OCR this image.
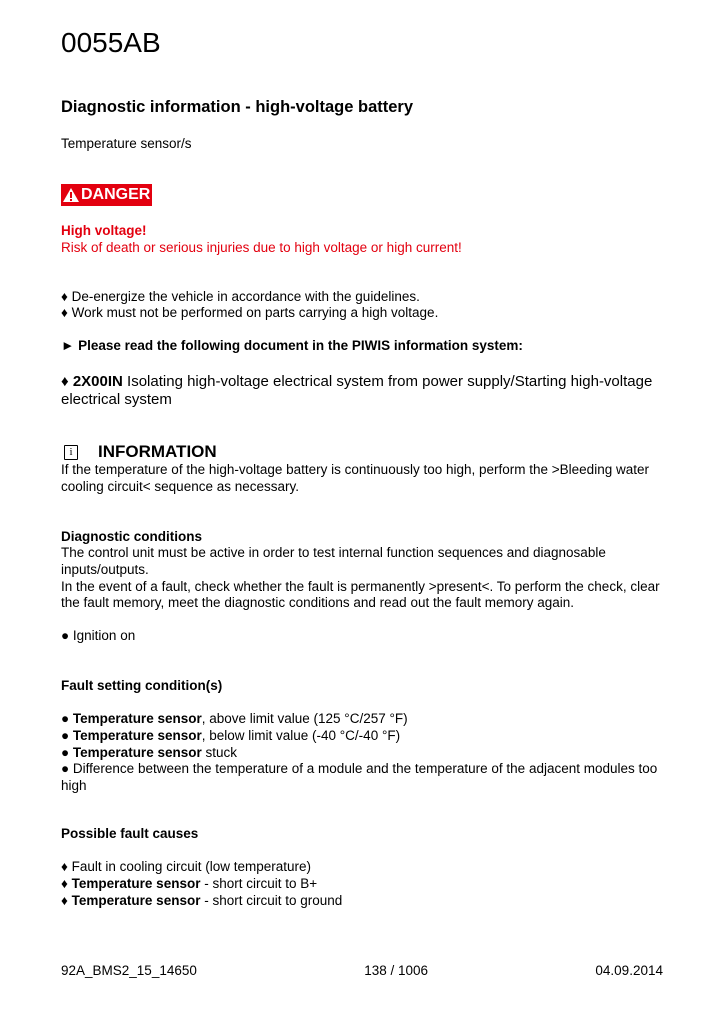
0055AB
Diagnostic information - high-voltage battery
Temperature sensor/s
DANGER
High voltage!
Risk of death or serious injuries due to high voltage or high current!
♦ De-energize the vehicle in accordance with the guidelines.
♦ Work must not be performed on parts carrying a high voltage.
► Please read the following document in the PIWIS information system:
♦ 2X00IN Isolating high-voltage electrical system from power supply/Starting high-voltage electrical system
i	INFORMATION
If the temperature of the high-voltage battery is continuously too high, perform the >Bleeding water cooling circuit< sequence as necessary.
Diagnostic conditions

The control unit must be active in order to test internal function sequences and diagnosable inputs/outputs.

In the event of a fault, check whether the fault is permanently >present<. To perform the check, clear the fault memory, meet the diagnostic conditions and read out the fault memory again.

● Ignition on
Fault setting condition(s)

● Temperature sensor, above limit value (125 °C/257 °F)

● Temperature sensor, below limit value (-40 °C/-40 °F)

● Temperature sensor stuck

● Difference between the temperature of a module and the temperature of the adjacent modules too high

Possible fault causes

♦ Fault in cooling circuit (low temperature)

♦ Temperature sensor - short circuit to B+

♦ Temperature sensor - short circuit to ground

92A_BMS2_15_14650	138 / 1006	04.09.2014
